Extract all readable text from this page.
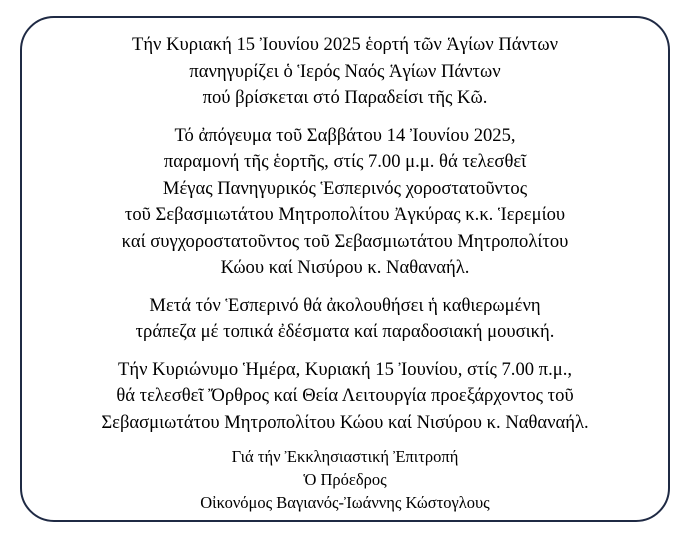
Τήν Κυριακή 15 Ἰουνίου 2025 ἑορτή τῶν Ἁγίων Πάντων
πανηγυρίζει ὁ Ἱερός Ναός Ἁγίων Πάντων
πού βρίσκεται στό Παραδείσι τῆς Κῶ.

Τό ἀπόγευμα τοῦ Σαββάτου 14 Ἰουνίου 2025,
παραμονή τῆς ἑορτῆς, στίς 7.00 μ.μ. θά τελεσθεῖ
Μέγας Πανηγυρικός Ἑσπερινός χοροστατοῦντος
τοῦ Σεβασμιωτάτου Μητροπολίτου Ἀγκύρας κ.κ. Ἱερεμίου
καί συγχοροστατοῦντος τοῦ Σεβασμιωτάτου Μητροπολίτου
Κώου καί Νισύρου κ. Ναθαναήλ.

Μετά τόν Ἑσπερινό θά ἀκολουθήσει ἡ καθιερωμένη
τράπεζα μέ τοπικά ἐδέσματα καί παραδοσιακή μουσική.

Τήν Κυριώνυμο Ἡμέρα, Κυριακή 15 Ἰουνίου, στίς 7.00 π.μ.,
θά τελεσθεῖ Ὄρθρος καί Θεία Λειτουργία προεξάρχοντος τοῦ
Σεβασμιωτάτου Μητροπολίτου Κώου καί Νισύρου κ. Ναθαναήλ.

Γιά τήν Ἐκκλησιαστική Ἐπιτροπή
Ὁ Πρόεδρος
Οἰκονόμος Βαγιανός-Ἰωάννης Κώστογλους
